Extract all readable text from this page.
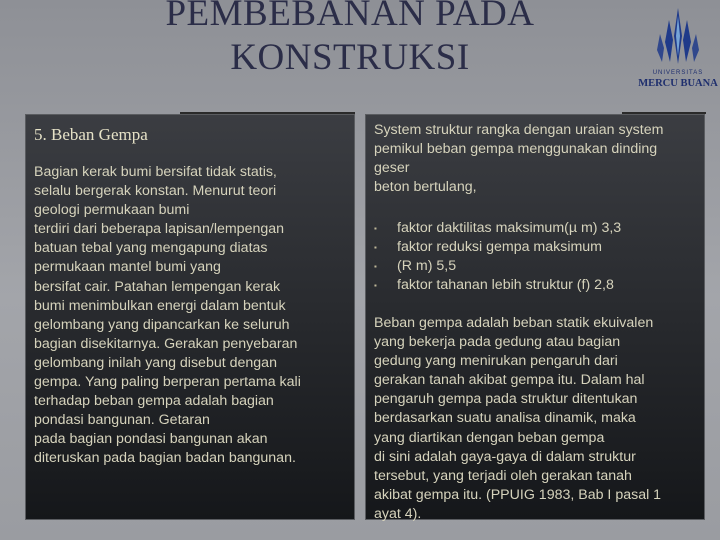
PEMBEBANAN PADA
KONSTRUKSI	UNIVERSITAS
MERCU BUANA
5. Beban Gempa
Bagian kerak bumi bersifat tidak statis,
selalu bergerak konstan. Menurut teori
geologi permukaan bumi
terdiri dari beberapa lapisan/lempengan
batuan tebal yang mengapung diatas
permukaan mantel bumi yang
bersifat cair. Patahan lempengan kerak
bumi menimbulkan energi dalam bentuk
gelombang yang dipancarkan ke seluruh
bagian disekitarnya. Gerakan penyebaran
gelombang inilah yang disebut dengan
gempa. Yang paling berperan pertama kali
terhadap beban gempa adalah bagian
pondasi bangunan. Getaran
pada bagian pondasi bangunan akan
diteruskan pada bagian badan bangunan.
System struktur rangka dengan uraian system
pemikul beban gempa menggunakan dinding
geser
beton bertulang,
▪ faktor daktilitas maksimum(µ m) 3,3
▪ faktor reduksi gempa maksimum
▪ (R m) 5,5
▪ faktor tahanan lebih struktur (f) 2,8
Beban gempa adalah beban statik ekuivalen
yang bekerja pada gedung atau bagian
gedung yang menirukan pengaruh dari
gerakan tanah akibat gempa itu. Dalam hal
pengaruh gempa pada struktur ditentukan
berdasarkan suatu analisa dinamik, maka
yang diartikan dengan beban gempa
di sini adalah gaya-gaya di dalam struktur
tersebut, yang terjadi oleh gerakan tanah
akibat gempa itu. (PPUIG 1983, Bab I pasal 1
ayat 4).
